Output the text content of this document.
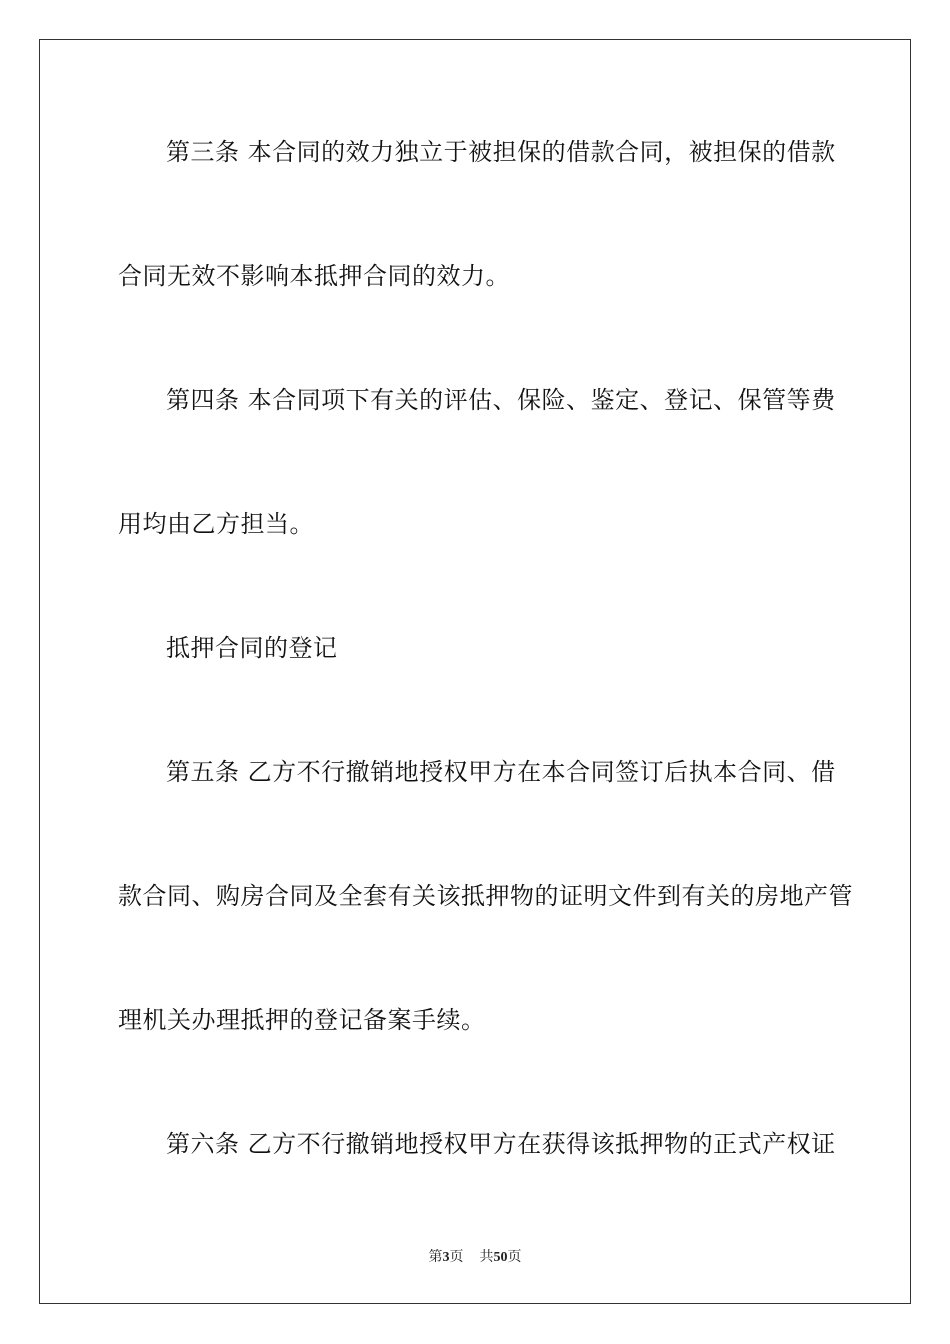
第三条 本合同的效力独立于被担保的借款合同，被担保的借款
合同无效不影响本抵押合同的效力。
第四条 本合同项下有关的评估、保险、鉴定、登记、保管等费
用均由乙方担当。
抵押合同的登记
第五条 乙方不行撤销地授权甲方在本合同签订后执本合同、借
款合同、购房合同及全套有关该抵押物的证明文件到有关的房地产管
理机关办理抵押的登记备案手续。
第六条 乙方不行撤销地授权甲方在获得该抵押物的正式产权证
第3页 共50页
